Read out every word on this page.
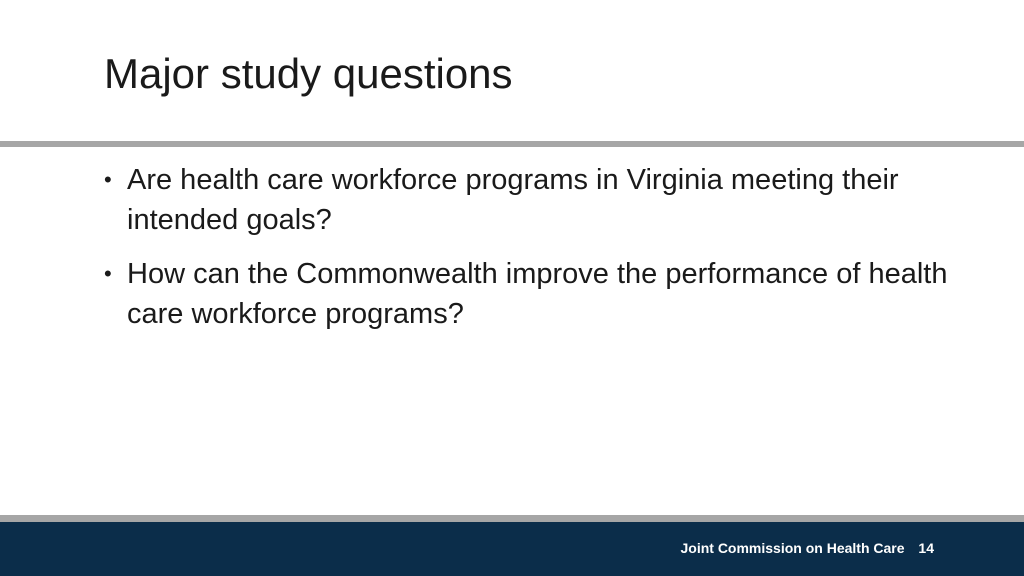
Major study questions
• Are health care workforce programs in Virginia meeting their intended goals?
• How can the Commonwealth improve the performance of health care workforce programs?
Joint Commission on Health Care 14
